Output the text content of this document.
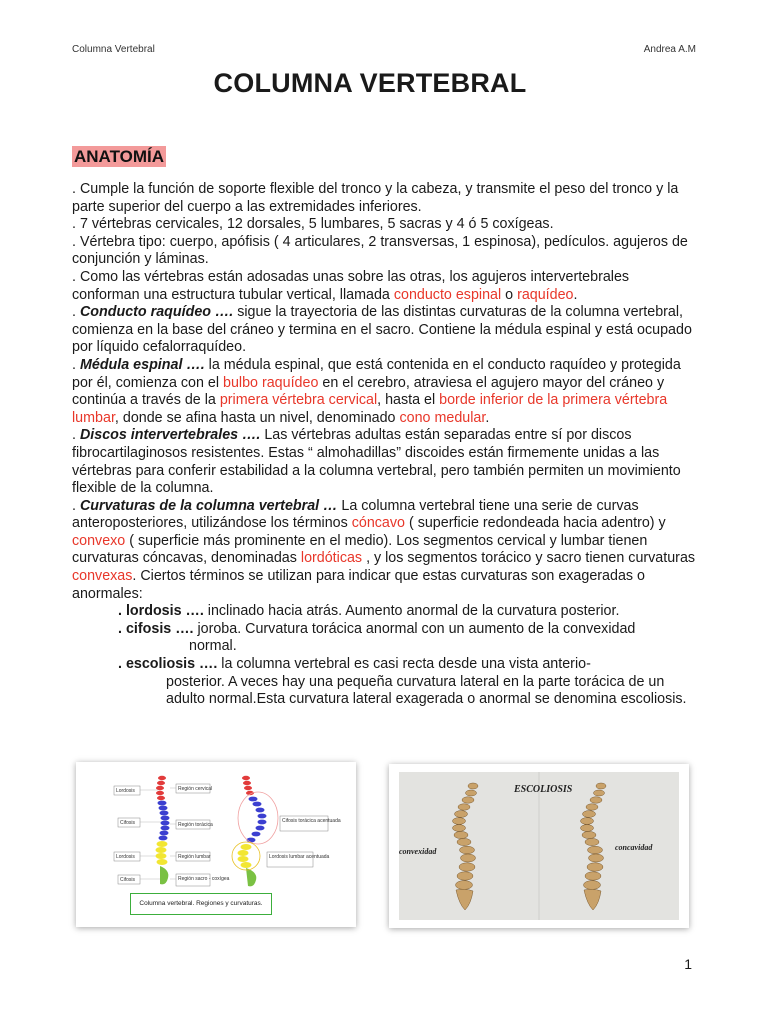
Columna Vertebral	Andrea A.M
COLUMNA VERTEBRAL
ANATOMÍA

. Cumple la función de soporte flexible del tronco y la cabeza, y transmite el peso del tronco y la parte superior del cuerpo a las extremidades inferiores.

. 7 vértebras cervicales, 12 dorsales, 5 lumbares, 5 sacras y 4 ó 5 coxígeas.

. Vértebra tipo: cuerpo, apófisis ( 4 articulares, 2 transversas, 1 espinosa), pedículos. agujeros de conjunción y láminas.

. Como las vértebras están adosadas unas sobre las otras, los agujeros intervertebrales conforman una estructura tubular vertical, llamada conducto espinal o raquídeo.

. Conducto raquídeo …. sigue la trayectoria de las distintas curvaturas de la columna vertebral, comienza en la base del cráneo y termina en el sacro. Contiene la médula espinal y está ocupado por líquido cefalorraquídeo.

. Médula espinal …. la médula espinal, que está contenida en el conducto raquídeo y protegida por él, comienza con el bulbo raquídeo en el cerebro, atraviesa el agujero mayor del cráneo y continúa a través de la primera vértebra cervical, hasta el borde inferior de la primera vértebra lumbar, donde se afina hasta un nivel, denominado cono medular.

. Discos intervertebrales …. Las vértebras adultas están separadas entre sí por discos fibrocartilaginosos resistentes. Estas “ almohadillas” discoides están firmemente unidas a las vértebras para conferir estabilidad a la columna vertebral, pero también permiten un movimiento flexible de la columna.

. Curvaturas de la columna vertebral … La columna vertebral tiene una serie de curvas anteroposteriores, utilizándose los términos cóncavo ( superficie redondeada hacia adentro) y convexo ( superficie más prominente en el medio). Los segmentos cervical y lumbar tienen curvaturas cóncavas, denominadas lordóticas , y los segmentos torácico y sacro tienen curvaturas convexas. Ciertos términos se utilizan para indicar que estas curvaturas son exageradas o anormales:

. lordosis …. inclinado hacia atrás. Aumento anormal de la curvatura posterior.

. cifosis …. joroba. Curvatura torácica anormal con un aumento de la convexidad

normal.

. escoliosis …. la columna vertebral es casi recta desde una vista anterio-

posterior. A veces hay una pequeña curvatura lateral en la parte torácica de un adulto normal.Esta curvatura lateral exagerada o anormal se denomina escoliosis.

Lordosis
Cifosis
Lordosis
Cifosis
Región cervical
Región torácica
Región lumbar
Región sacro - coxígea
Cifosis torácica acentuada
Lordosis lumbar acentuada
Columna vertebral. Regiones y curvaturas.
ESCOLIOSIS
convexidad	concavidad
1
